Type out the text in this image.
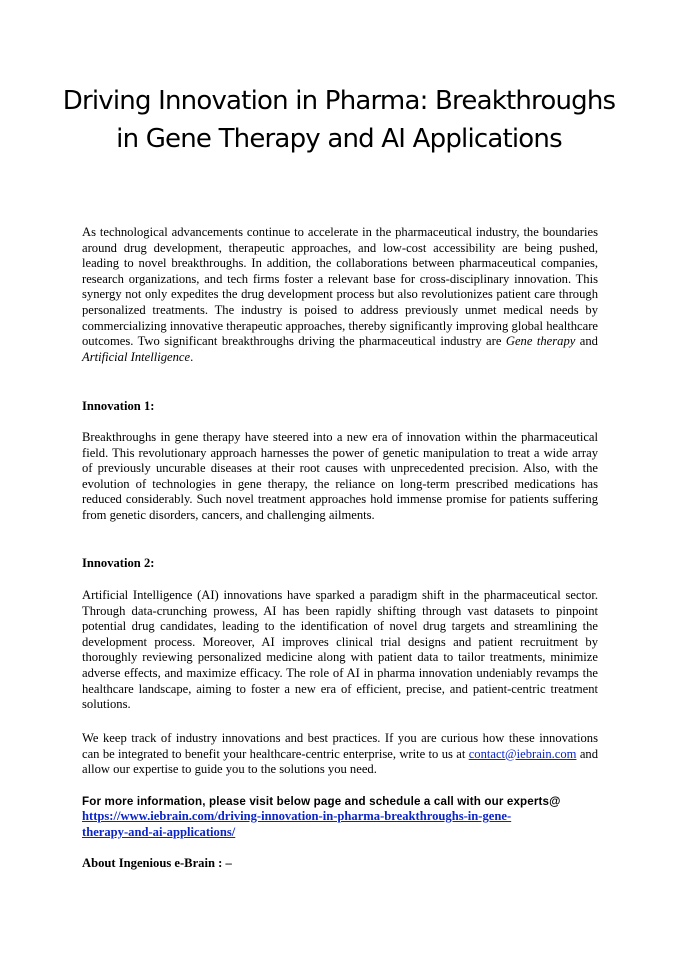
Driving Innovation in Pharma: Breakthroughs in Gene Therapy and AI Applications

As technological advancements continue to accelerate in the pharmaceutical industry, the boundaries around drug development, therapeutic approaches, and low-cost accessibility are being pushed, leading to novel breakthroughs. In addition, the collaborations between pharmaceutical companies, research organizations, and tech firms foster a relevant base for cross-disciplinary innovation. This synergy not only expedites the drug development process but also revolutionizes patient care through personalized treatments. The industry is poised to address previously unmet medical needs by commercializing innovative therapeutic approaches, thereby significantly improving global healthcare outcomes. Two significant breakthroughs driving the pharmaceutical industry are Gene therapy and Artificial Intelligence.

Innovation 1:

Breakthroughs in gene therapy have steered into a new era of innovation within the pharmaceutical field. This revolutionary approach harnesses the power of genetic manipulation to treat a wide array of previously uncurable diseases at their root causes with unprecedented precision. Also, with the evolution of technologies in gene therapy, the reliance on long-term prescribed medications has reduced considerably. Such novel treatment approaches hold immense promise for patients suffering from genetic disorders, cancers, and challenging ailments.

Innovation 2:

Artificial Intelligence (AI) innovations have sparked a paradigm shift in the pharmaceutical sector. Through data-crunching prowess, AI has been rapidly shifting through vast datasets to pinpoint potential drug candidates, leading to the identification of novel drug targets and streamlining the development process. Moreover, AI improves clinical trial designs and patient recruitment by thoroughly reviewing personalized medicine along with patient data to tailor treatments, minimize adverse effects, and maximize efficacy. The role of AI in pharma innovation undeniably revamps the healthcare landscape, aiming to foster a new era of efficient, precise, and patient-centric treatment solutions.

We keep track of industry innovations and best practices. If you are curious how these innovations can be integrated to benefit your healthcare-centric enterprise, write to us at contact@iebrain.com and allow our expertise to guide you to the solutions you need.

For more information, please visit below page and schedule a call with our experts@

https://www.iebrain.com/driving-innovation-in-pharma-breakthroughs-in-gene-
therapy-and-ai-applications/

About Ingenious e-Brain : –
